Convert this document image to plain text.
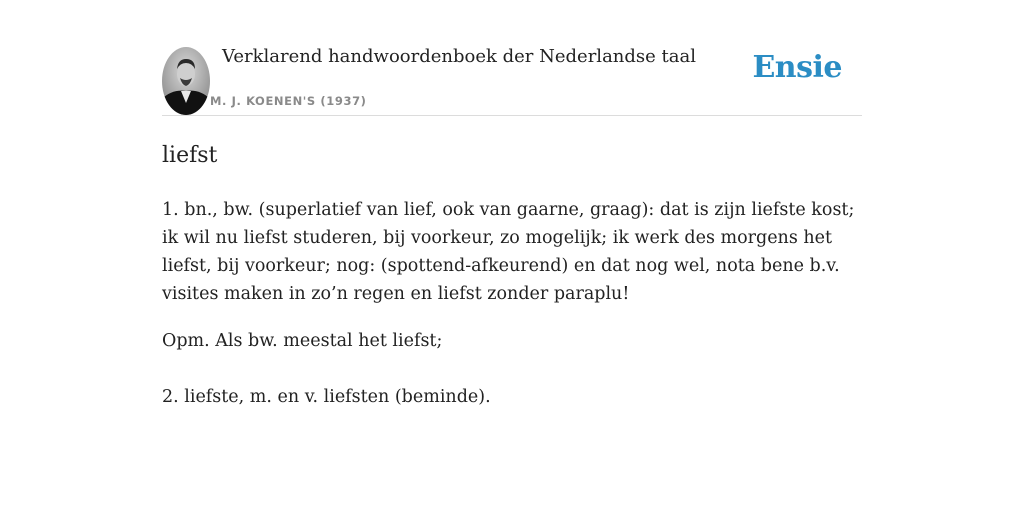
Verklarend handwoordenboek der Nederlandse taal
M. J. KOENEN'S (1937)
Ensie
liefst

1. bn., bw. (superlatief van lief, ook van gaarne, graag): dat is zijn liefste kost; ik wil nu liefst studeren, bij voorkeur, zo mogelijk; ik werk des morgens het liefst, bij voorkeur; nog: (spottend-afkeurend) en dat nog wel, nota bene b.v. visites maken in zo’n regen en liefst zonder paraplu!

Opm. Als bw. meestal het liefst;

2. liefste, m. en v. liefsten (beminde).
